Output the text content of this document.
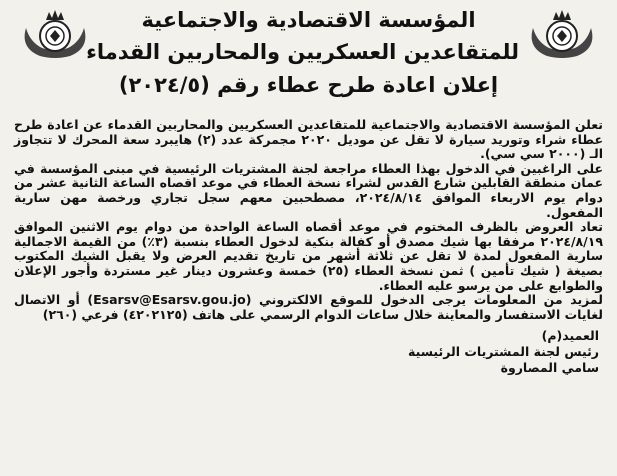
المؤسسة الاقتصادية والاجتماعية
للمتقاعدين العسكريين والمحاربين القدماء
إعلان اعادة طرح عطاء رقم (٢٠٢٤/٥)

تعلن المؤسسة الاقتصادية والاجتماعية للمتقاعدين العسكريين والمحاربين القدماء عن اعادة طرح عطاء شراء وتوريد سيارة لا تقل عن موديل ٢٠٢٠ مجمركة عدد (٢) هايبرد سعة المحرك لا تتجاوز الـ (٢٠٠٠ سي سي).

على الراغبين في الدخول بهذا العطاء مراجعة لجنة المشتريات الرئيسية في مبنى المؤسسة في عمان منطقة القابلين شارع القدس لشراء نسخة العطاء في موعد اقصاه الساعة الثانية عشر من دوام يوم الاربعاء الموافق ٢٠٢٤/٨/١٤، مصطحبين معهم سجل تجاري ورخصة مهن سارية المفعول.

تعاد العروض بالظرف المختوم في موعد أقصاه الساعة الواحدة من دوام يوم الاثنين الموافق ٢٠٢٤/٨/١٩ مرفقا بها شيك مصدق أو كفالة بنكية لدخول العطاء بنسبة (٣٪) من القيمة الاجمالية سارية المفعول لمدة لا تقل عن ثلاثة أشهر من تاريخ تقديم العرض ولا يقبل الشيك المكتوب بصيغة ( شيك تأمين ) ثمن نسخة العطاء (٢٥) خمسة وعشرون دينار غير مستردة وأجور الإعلان والطوابع على من يرسو عليه العطاء.

لمزيد من المعلومات يرجى الدخول للموقع الالكتروني (Esarsv@Esarsv.gou.jo) أو الاتصال لغايات الاستفسار والمعاينة خلال ساعات الدوام الرسمي على هاتف (٤٢٠٢١٢٥) فرعي (٢٦٠)

العميد(م)
رئيس لجنة المشتريات الرئيسية
سامي المصاروة
